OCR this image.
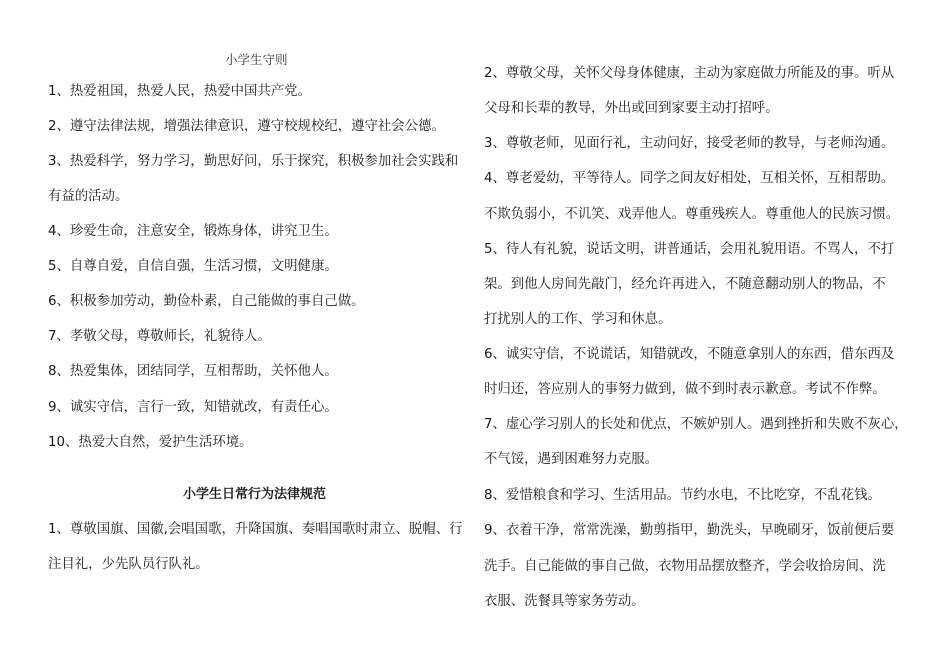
小学生守则
1、热爱祖国，热爱人民，热爱中国共产党。
2、遵守法律法规，增强法律意识，遵守校规校纪，遵守社会公德。
3、热爱科学，努力学习，勤思好问，乐于探究，积极参加社会实践和
有益的活动。
4、珍爱生命，注意安全，锻炼身体，讲究卫生。
5、自尊自爱，自信自强，生活习惯，文明健康。
6、积极参加劳动，勤俭朴素，自己能做的事自己做。
7、孝敬父母，尊敬师长，礼貌待人。
8、热爱集体，团结同学，互相帮助，关怀他人。
9、诚实守信，言行一致，知错就改，有责任心。
10、热爱大自然，爱护生活环境。
小学生日常行为法律规范
1、尊敬国旗、国徽,会唱国歌，升降国旗、奏唱国歌时肃立、脱帽、行
注目礼，少先队员行队礼。
2、尊敬父母，关怀父母身体健康，主动为家庭做力所能及的事。听从
父母和长辈的教导，外出或回到家要主动打招呼。
3、尊敬老师，见面行礼，主动问好，接受老师的教导，与老师沟通。
4、尊老爱幼，平等待人。同学之间友好相处，互相关怀，互相帮助。
不欺负弱小，不讥笑、戏弄他人。尊重残疾人。尊重他人的民族习惯。
5、待人有礼貌，说话文明，讲普通话，会用礼貌用语。不骂人，不打
架。到他人房间先敲门，经允许再进入，不随意翻动别人的物品，不
打扰别人的工作、学习和休息。
6、诚实守信，不说谎话，知错就改，不随意拿别人的东西，借东西及
时归还，答应别人的事努力做到，做不到时表示歉意。考试不作弊。
7、虚心学习别人的长处和优点，不嫉妒别人。遇到挫折和失败不灰心，
不气馁，遇到困难努力克服。
8、爱惜粮食和学习、生活用品。节约水电，不比吃穿，不乱花钱。
9、衣着干净，常常洗澡，勤剪指甲，勤洗头，早晚刷牙，饭前便后要
洗手。自己能做的事自己做，衣物用品摆放整齐，学会收拾房间、洗
衣服、洗餐具等家务劳动。
